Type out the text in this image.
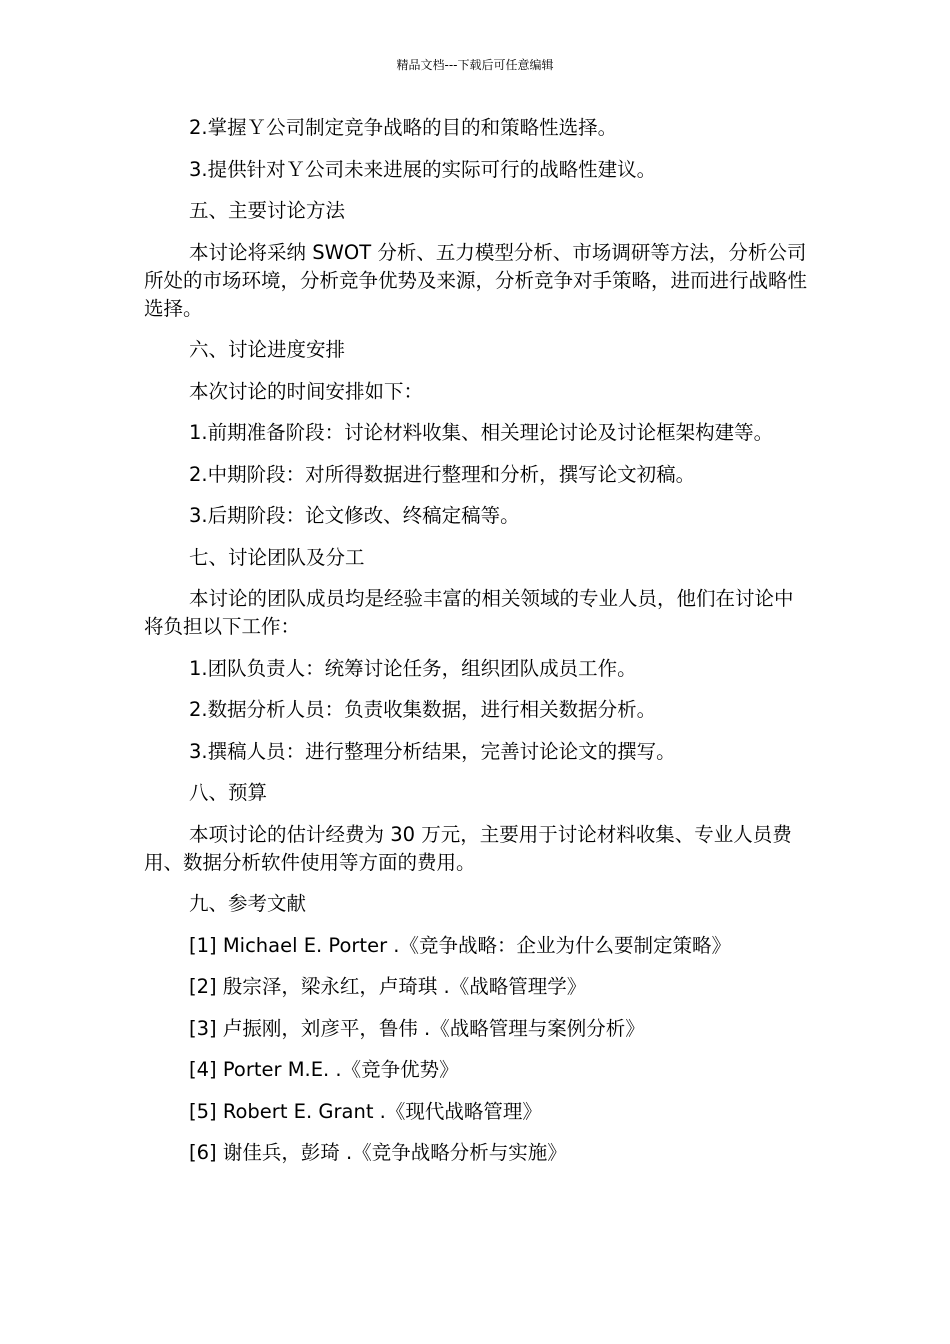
精品文档---下载后可任意编辑

2.掌握Ｙ公司制定竞争战略的目的和策略性选择。

3.提供针对Ｙ公司未来进展的实际可行的战略性建议。

五、主要讨论方法

本讨论将采纳 SWOT 分析、五力模型分析、市场调研等方法，分析公司所处的市场环境，分析竞争优势及来源，分析竞争对手策略，进而进行战略性选择。

六、讨论进度安排

本次讨论的时间安排如下：

1.前期准备阶段：讨论材料收集、相关理论讨论及讨论框架构建等。

2.中期阶段：对所得数据进行整理和分析，撰写论文初稿。

3.后期阶段：论文修改、终稿定稿等。

七、讨论团队及分工

本讨论的团队成员均是经验丰富的相关领域的专业人员，他们在讨论中将负担以下工作：

1.团队负责人：统筹讨论任务，组织团队成员工作。

2.数据分析人员：负责收集数据，进行相关数据分析。

3.撰稿人员：进行整理分析结果，完善讨论论文的撰写。

八、预算

本项讨论的估计经费为 30 万元，主要用于讨论材料收集、专业人员费用、数据分析软件使用等方面的费用。

九、参考文献

[1] Michael E. Porter .《竞争战略：企业为什么要制定策略》

[2] 殷宗泽，梁永红，卢琦琪 .《战略管理学》

[3] 卢振刚，刘彦平，鲁伟 .《战略管理与案例分析》

[4] Porter M.E. .《竞争优势》

[5] Robert E. Grant .《现代战略管理》

[6] 谢佳兵，彭琦 .《竞争战略分析与实施》
